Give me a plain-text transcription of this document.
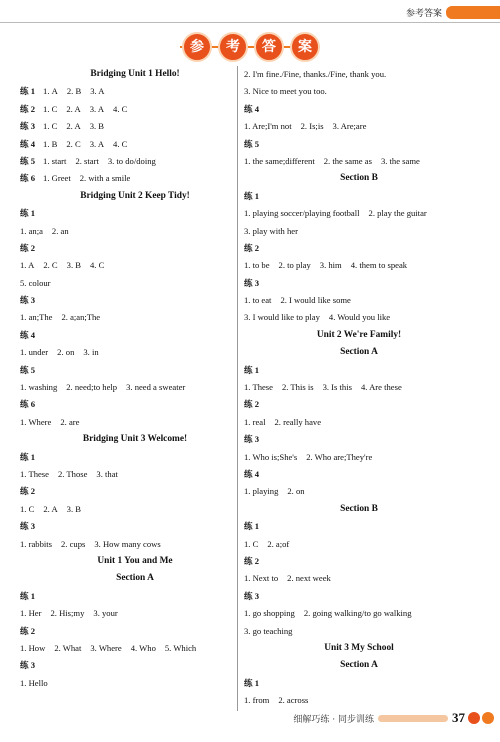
参考答案
参	考	答	案
Bridging Unit 1 Hello!
练 1 1. A 2. B 3. A
练 2 1. C 2. A 3. A 4. C
练 3 1. C 2. A 3. B
练 4 1. B 2. C 3. A 4. C
练 5 1. start 2. start 3. to do/doing
练 6 1. Greet 2. with a smile
Bridging Unit 2 Keep Tidy!
练 1
1. an;a 2. an
练 2
1. A 2. C 3. B 4. C
5. colour
练 3
1. an;The 2. a;an;The
练 4
1. under 2. on 3. in
练 5
1. washing 2. need;to help 3. need a sweater
练 6
1. Where 2. are
Bridging Unit 3 Welcome!
练 1
1. These 2. Those 3. that
练 2
1. C 2. A 3. B
练 3
1. rabbits 2. cups 3. How many cows
Unit 1 You and Me
Section A
练 1
1. Her 2. His;my 3. your
练 2
1. How 2. What 3. Where 4. Who 5. Which
练 3
1. Hello
2. I'm fine./Fine, thanks./Fine, thank you.
3. Nice to meet you too.
练 4
1. Are;I'm not 2. Is;is 3. Are;are
练 5
1. the same;different 2. the same as 3. the same
Section B
练 1
1. playing soccer/playing football 2. play the guitar
3. play with her
练 2
1. to be 2. to play 3. him 4. them to speak
练 3
1. to eat 2. I would like some
3. I would like to play 4. Would you like
Unit 2 We're Family!
Section A
练 1
1. These 2. This is 3. Is this 4. Are these
练 2
1. real 2. really have
练 3
1. Who is;She's 2. Who are;They're
练 4
1. playing 2. on
Section B
练 1
1. C 2. a;of
练 2
1. Next to 2. next week
练 3
1. go shopping 2. going walking/to go walking
3. go teaching
Unit 3 My School
Section A
练 1
1. from 2. across
细解巧练 · 同步训练	37
